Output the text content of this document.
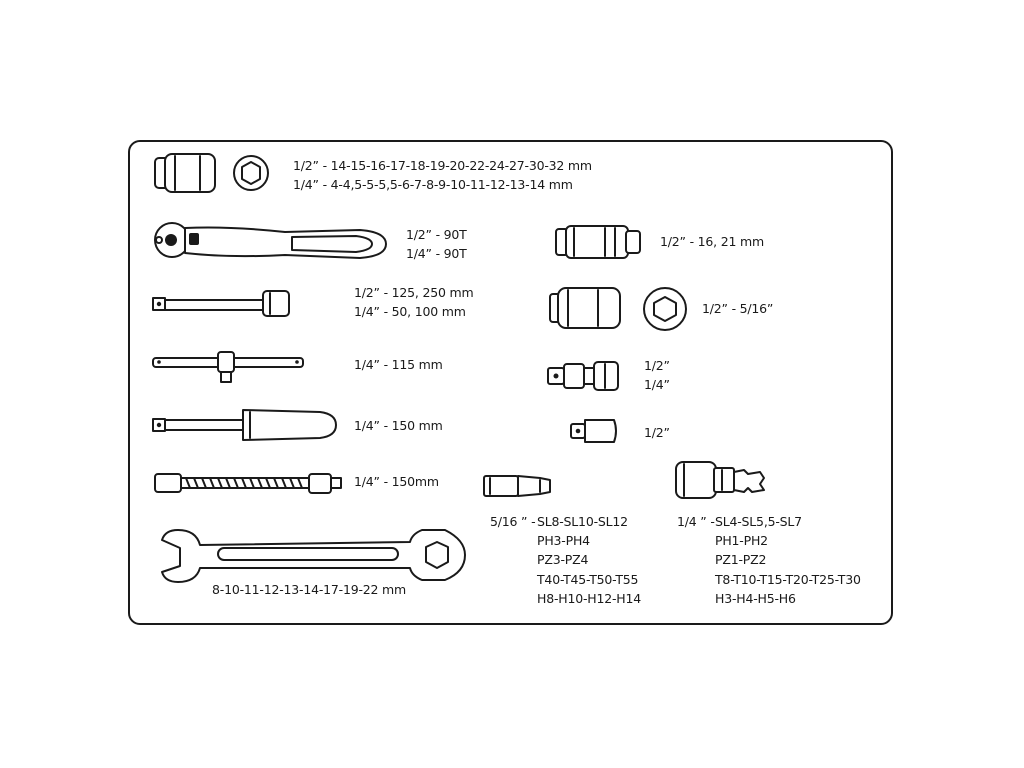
1/2” - 14-15-16-17-18-19-20-22-24-27-30-32 mm
1/4” - 4-4,5-5-5,5-6-7-8-9-10-11-12-13-14 mm
1/2” - 90T
1/4” - 90T
1/2” - 125, 250 mm
1/4” - 50, 100 mm
1/4” - 115 mm
1/4” - 150 mm
1/4” - 150mm
8-10-11-12-13-14-17-19-22 mm
1/2” - 16, 21 mm
1/2” - 5/16”
1/2”
1/4”
1/2”
5/16 ” - SL8-SL10-SL12
PH3-PH4
PZ3-PZ4
T40-T45-T50-T55
H8-H10-H12-H14
1/4 ” - SL4-SL5,5-SL7
PH1-PH2
PZ1-PZ2
T8-T10-T15-T20-T25-T30
H3-H4-H5-H6
